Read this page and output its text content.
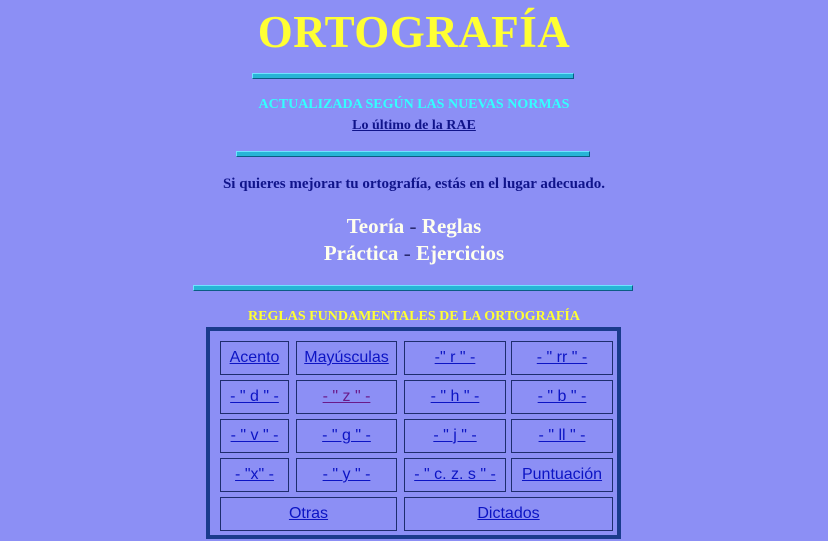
ORTOGRAFÍA
ACTUALIZADA SEGÚN LAS NUEVAS NORMAS
Lo último de la RAE
Si quieres mejorar tu ortografía, estás en el lugar adecuado.
Teoría - Reglas
Práctica - Ejercicios
REGLAS FUNDAMENTALES DE LA ORTOGRAFÍA
Acento	Mayúsculas	-" r " -	- " rr " -
- " d " -	- " z " -	- " h " -	- " b " -
- " v " -	- " g " -	- " j " -	- " ll " -
- "x" -	- " y " -	- " c. z. s " -	Puntuación
Otras	Dictados
